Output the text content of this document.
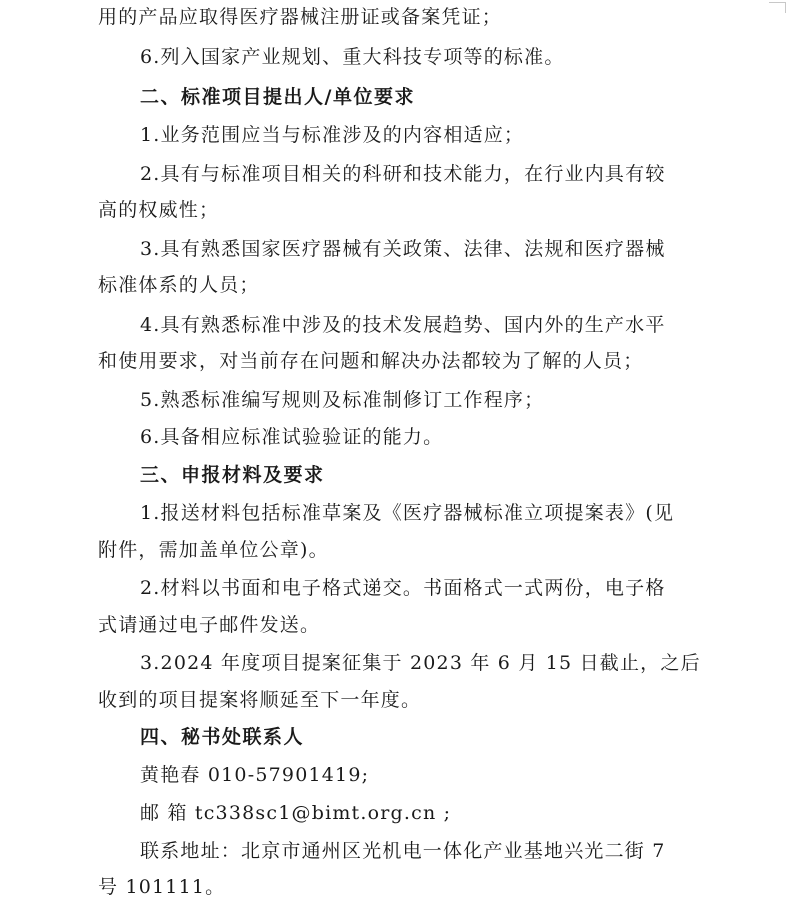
用的产品应取得医疗器械注册证或备案凭证；
6.列入国家产业规划、重大科技专项等的标准。
二、标准项目提出人/单位要求
1.业务范围应当与标准涉及的内容相适应；
2.具有与标准项目相关的科研和技术能力，在行业内具有较
高的权威性；
3.具有熟悉国家医疗器械有关政策、法律、法规和医疗器械
标准体系的人员；
4.具有熟悉标准中涉及的技术发展趋势、国内外的生产水平
和使用要求，对当前存在问题和解决办法都较为了解的人员；
5.熟悉标准编写规则及标准制修订工作程序；
6.具备相应标准试验验证的能力。
三、申报材料及要求
1.报送材料包括标准草案及《医疗器械标准立项提案表》(见
附件，需加盖单位公章)。
2.材料以书面和电子格式递交。书面格式一式两份，电子格
式请通过电子邮件发送。
3.2024 年度项目提案征集于 2023 年 6 月 15 日截止，之后
收到的项目提案将顺延至下一年度。
四、秘书处联系人
黄艳春 010-57901419;
邮 箱 tc338sc1@bimt.org.cn ;
联系地址：北京市通州区光机电一体化产业基地兴光二街 7
号 101111。
